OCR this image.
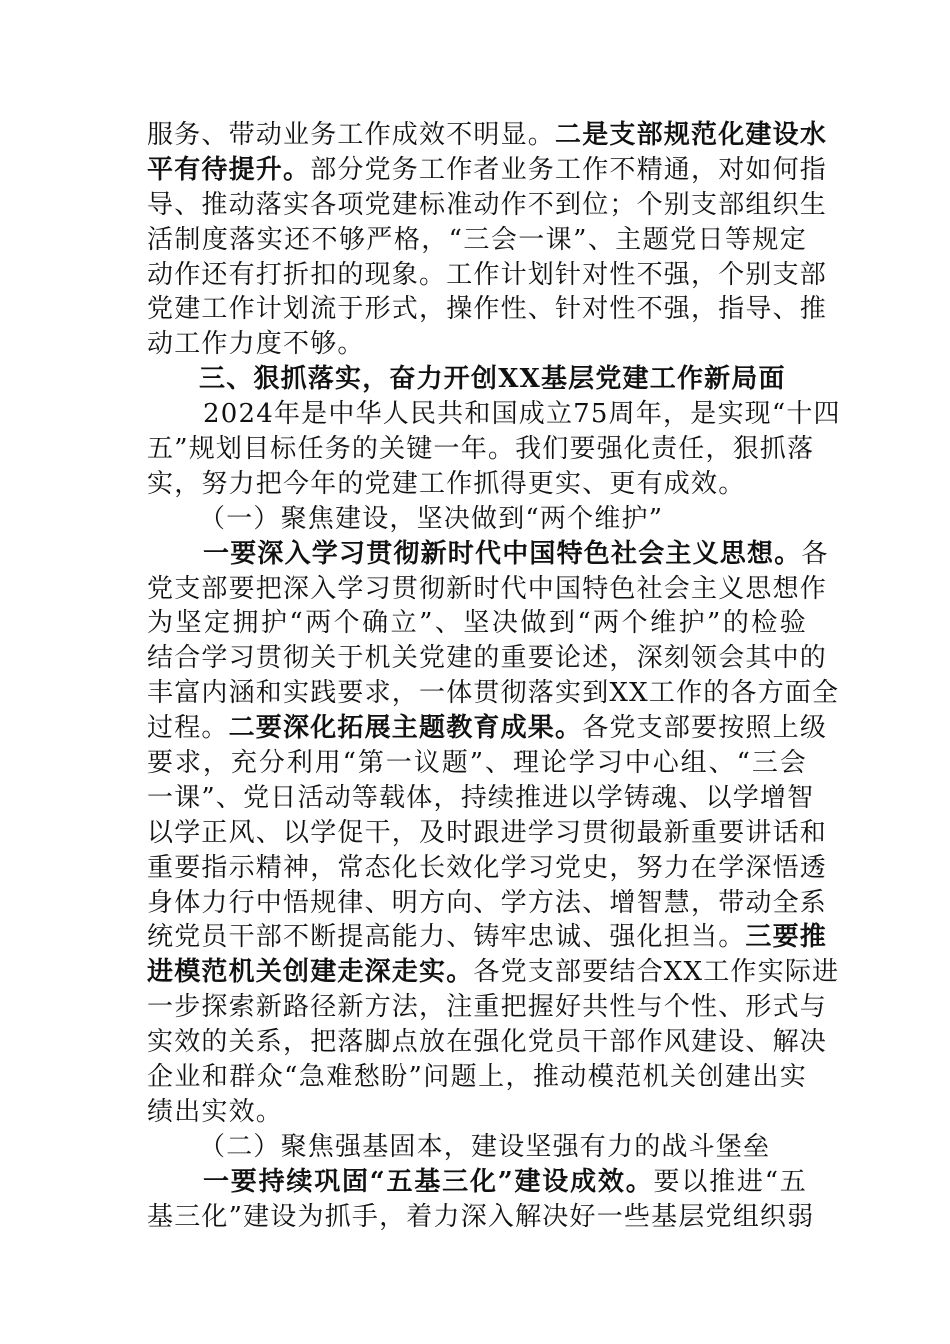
服务、带动业务工作成效不明显。二是支部规范化建设水
平有待提升。部分党务工作者业务工作不精通，对如何指
导、推动落实各项党建标准动作不到位；个别支部组织生
活制度落实还不够严格，“三会一课”、主题党日等规定
动作还有打折扣的现象。工作计划针对性不强，个别支部
党建工作计划流于形式，操作性、针对性不强，指导、推
动工作力度不够。
三、狠抓落实，奋力开创XX基层党建工作新局面
2024年是中华人民共和国成立75周年，是实现“十四
五”规划目标任务的关键一年。我们要强化责任，狠抓落
实，努力把今年的党建工作抓得更实、更有成效。
（一）聚焦建设，坚决做到“两个维护”
一要深入学习贯彻新时代中国特色社会主义思想。各
党支部要把深入学习贯彻新时代中国特色社会主义思想作
为坚定拥护“两个确立”、坚决做到“两个维护”的检验
结合学习贯彻关于机关党建的重要论述，深刻领会其中的
丰富内涵和实践要求，一体贯彻落实到XX工作的各方面全
过程。二要深化拓展主题教育成果。各党支部要按照上级
要求，充分利用“第一议题”、理论学习中心组、“三会
一课”、党日活动等载体，持续推进以学铸魂、以学增智
以学正风、以学促干，及时跟进学习贯彻最新重要讲话和
重要指示精神，常态化长效化学习党史，努力在学深悟透
身体力行中悟规律、明方向、学方法、增智慧，带动全系
统党员干部不断提高能力、铸牢忠诚、强化担当。三要推
进模范机关创建走深走实。各党支部要结合XX工作实际进
一步探索新路径新方法，注重把握好共性与个性、形式与
实效的关系，把落脚点放在强化党员干部作风建设、解决
企业和群众“急难愁盼”问题上，推动模范机关创建出实
绩出实效。
（二）聚焦强基固本，建设坚强有力的战斗堡垒
一要持续巩固“五基三化”建设成效。要以推进“五
基三化”建设为抓手，着力深入解决好一些基层党组织弱
